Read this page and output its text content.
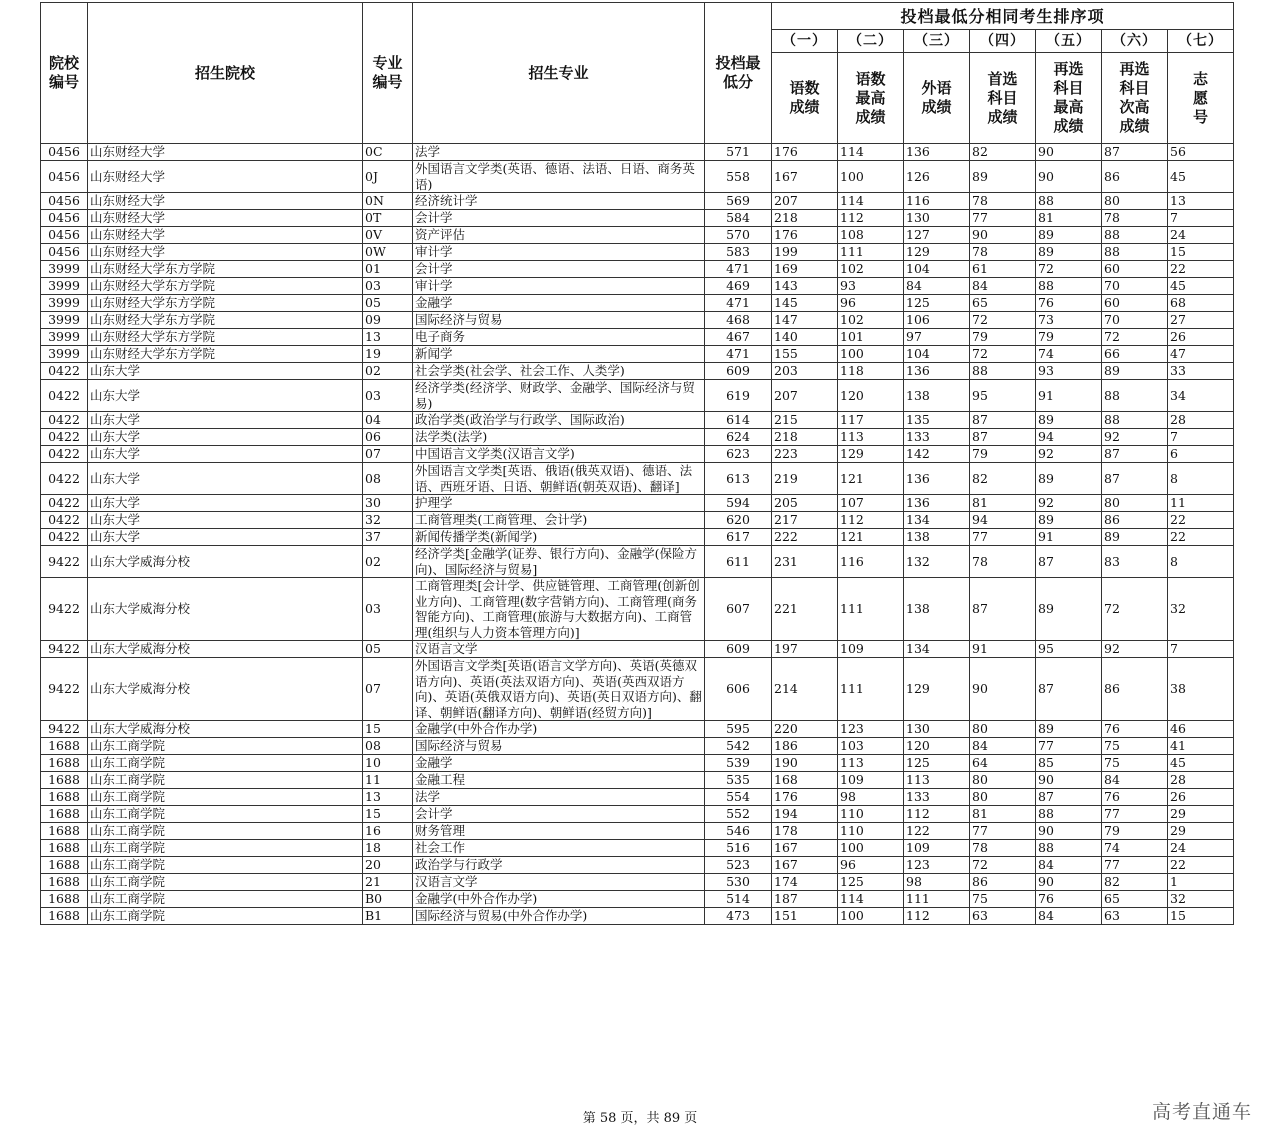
院校编号	招生院校	专业编号	招生专业	投档最低分	投档最低分相同考生排序项						
					（一）	（二）	（三）	（四）	（五）	（六）	（七）
					语数成绩	语数最高成绩	外语成绩	首选科目成绩	再选科目最高成绩	再选科目次高成绩	志愿号
0456	山东财经大学	0C	法学	571	176	114	136	82	90	87	56
0456	山东财经大学	0J	外国语言文学类(英语、德语、法语、日语、商务英语)	558	167	100	126	89	90	86	45
0456	山东财经大学	0N	经济统计学	569	207	114	116	78	88	80	13
0456	山东财经大学	0T	会计学	584	218	112	130	77	81	78	7
0456	山东财经大学	0V	资产评估	570	176	108	127	90	89	88	24
0456	山东财经大学	0W	审计学	583	199	111	129	78	89	88	15
3999	山东财经大学东方学院	01	会计学	471	169	102	104	61	72	60	22
3999	山东财经大学东方学院	03	审计学	469	143	93	84	84	88	70	45
3999	山东财经大学东方学院	05	金融学	471	145	96	125	65	76	60	68
3999	山东财经大学东方学院	09	国际经济与贸易	468	147	102	106	72	73	70	27
3999	山东财经大学东方学院	13	电子商务	467	140	101	97	79	79	72	26
3999	山东财经大学东方学院	19	新闻学	471	155	100	104	72	74	66	47
0422	山东大学	02	社会学类(社会学、社会工作、人类学)	609	203	118	136	88	93	89	33
0422	山东大学	03	经济学类(经济学、财政学、金融学、国际经济与贸易)	619	207	120	138	95	91	88	34
0422	山东大学	04	政治学类(政治学与行政学、国际政治)	614	215	117	135	87	89	88	28
0422	山东大学	06	法学类(法学)	624	218	113	133	87	94	92	7
0422	山东大学	07	中国语言文学类(汉语言文学)	623	223	129	142	79	92	87	6
0422	山东大学	08	外国语言文学类[英语、俄语(俄英双语)、德语、法语、西班牙语、日语、朝鲜语(朝英双语)、翻译]	613	219	121	136	82	89	87	8
0422	山东大学	30	护理学	594	205	107	136	81	92	80	11
0422	山东大学	32	工商管理类(工商管理、会计学)	620	217	112	134	94	89	86	22
0422	山东大学	37	新闻传播学类(新闻学)	617	222	121	138	77	91	89	22
9422	山东大学威海分校	02	经济学类[金融学(证券、银行方向)、金融学(保险方向)、国际经济与贸易]	611	231	116	132	78	87	83	8
9422	山东大学威海分校	03	工商管理类[会计学、供应链管理、工商管理(创新创业方向)、工商管理(数字营销方向)、工商管理(商务智能方向)、工商管理(旅游与大数据方向)、工商管理(组织与人力资本管理方向)]	607	221	111	138	87	89	72	32
9422	山东大学威海分校	05	汉语言文学	609	197	109	134	91	95	92	7
9422	山东大学威海分校	07	外国语言文学类[英语(语言文学方向)、英语(英德双语方向)、英语(英法双语方向)、英语(英西双语方向)、英语(英俄双语方向)、英语(英日双语方向)、翻译、朝鲜语(翻译方向)、朝鲜语(经贸方向)]	606	214	111	129	90	87	86	38
9422	山东大学威海分校	15	金融学(中外合作办学)	595	220	123	130	80	89	76	46
1688	山东工商学院	08	国际经济与贸易	542	186	103	120	84	77	75	41
1688	山东工商学院	10	金融学	539	190	113	125	64	85	75	45
1688	山东工商学院	11	金融工程	535	168	109	113	80	90	84	28
1688	山东工商学院	13	法学	554	176	98	133	80	87	76	26
1688	山东工商学院	15	会计学	552	194	110	112	81	88	77	29
1688	山东工商学院	16	财务管理	546	178	110	122	77	90	79	29
1688	山东工商学院	18	社会工作	516	167	100	109	78	88	74	24
1688	山东工商学院	20	政治学与行政学	523	167	96	123	72	84	77	22
1688	山东工商学院	21	汉语言文学	530	174	125	98	86	90	82	1
1688	山东工商学院	B0	金融学(中外合作办学)	514	187	114	111	75	76	65	32
1688	山东工商学院	B1	国际经济与贸易(中外合作办学)	473	151	100	112	63	84	63	15
第 58 页，共 89 页	高考直通车
